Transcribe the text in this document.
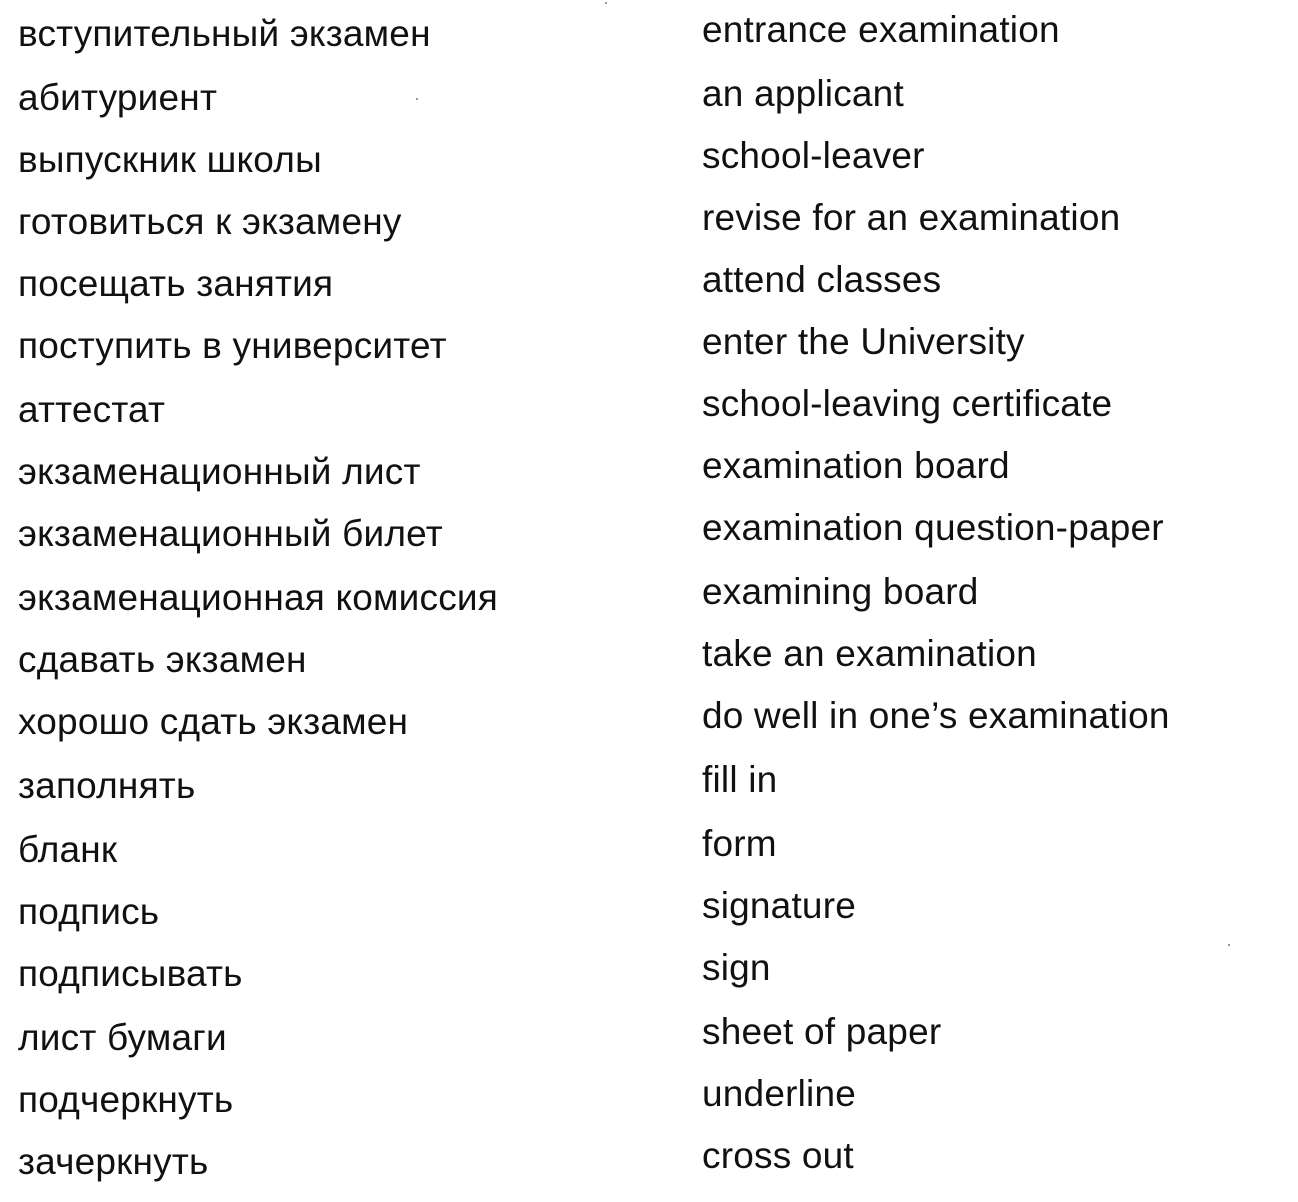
вступительный экзамен	entrance examination
абитуриент	an applicant
выпускник школы	school-leaver
готовиться к экзамену	revise for an examination
посещать занятия	attend classes
поступить в университет	enter the University
аттестат	school-leaving certificate
экзаменационный лист	examination board
экзаменационный билет	examination question-paper
экзаменационная комиссия	examining board
сдавать экзамен	take an examination
хорошо сдать экзамен	do well in one’s examination
заполнять	fill in
бланк	form
подпись	signature
подписывать	sign
лист бумаги	sheet of paper
подчеркнуть	underline
зачеркнуть	cross out
